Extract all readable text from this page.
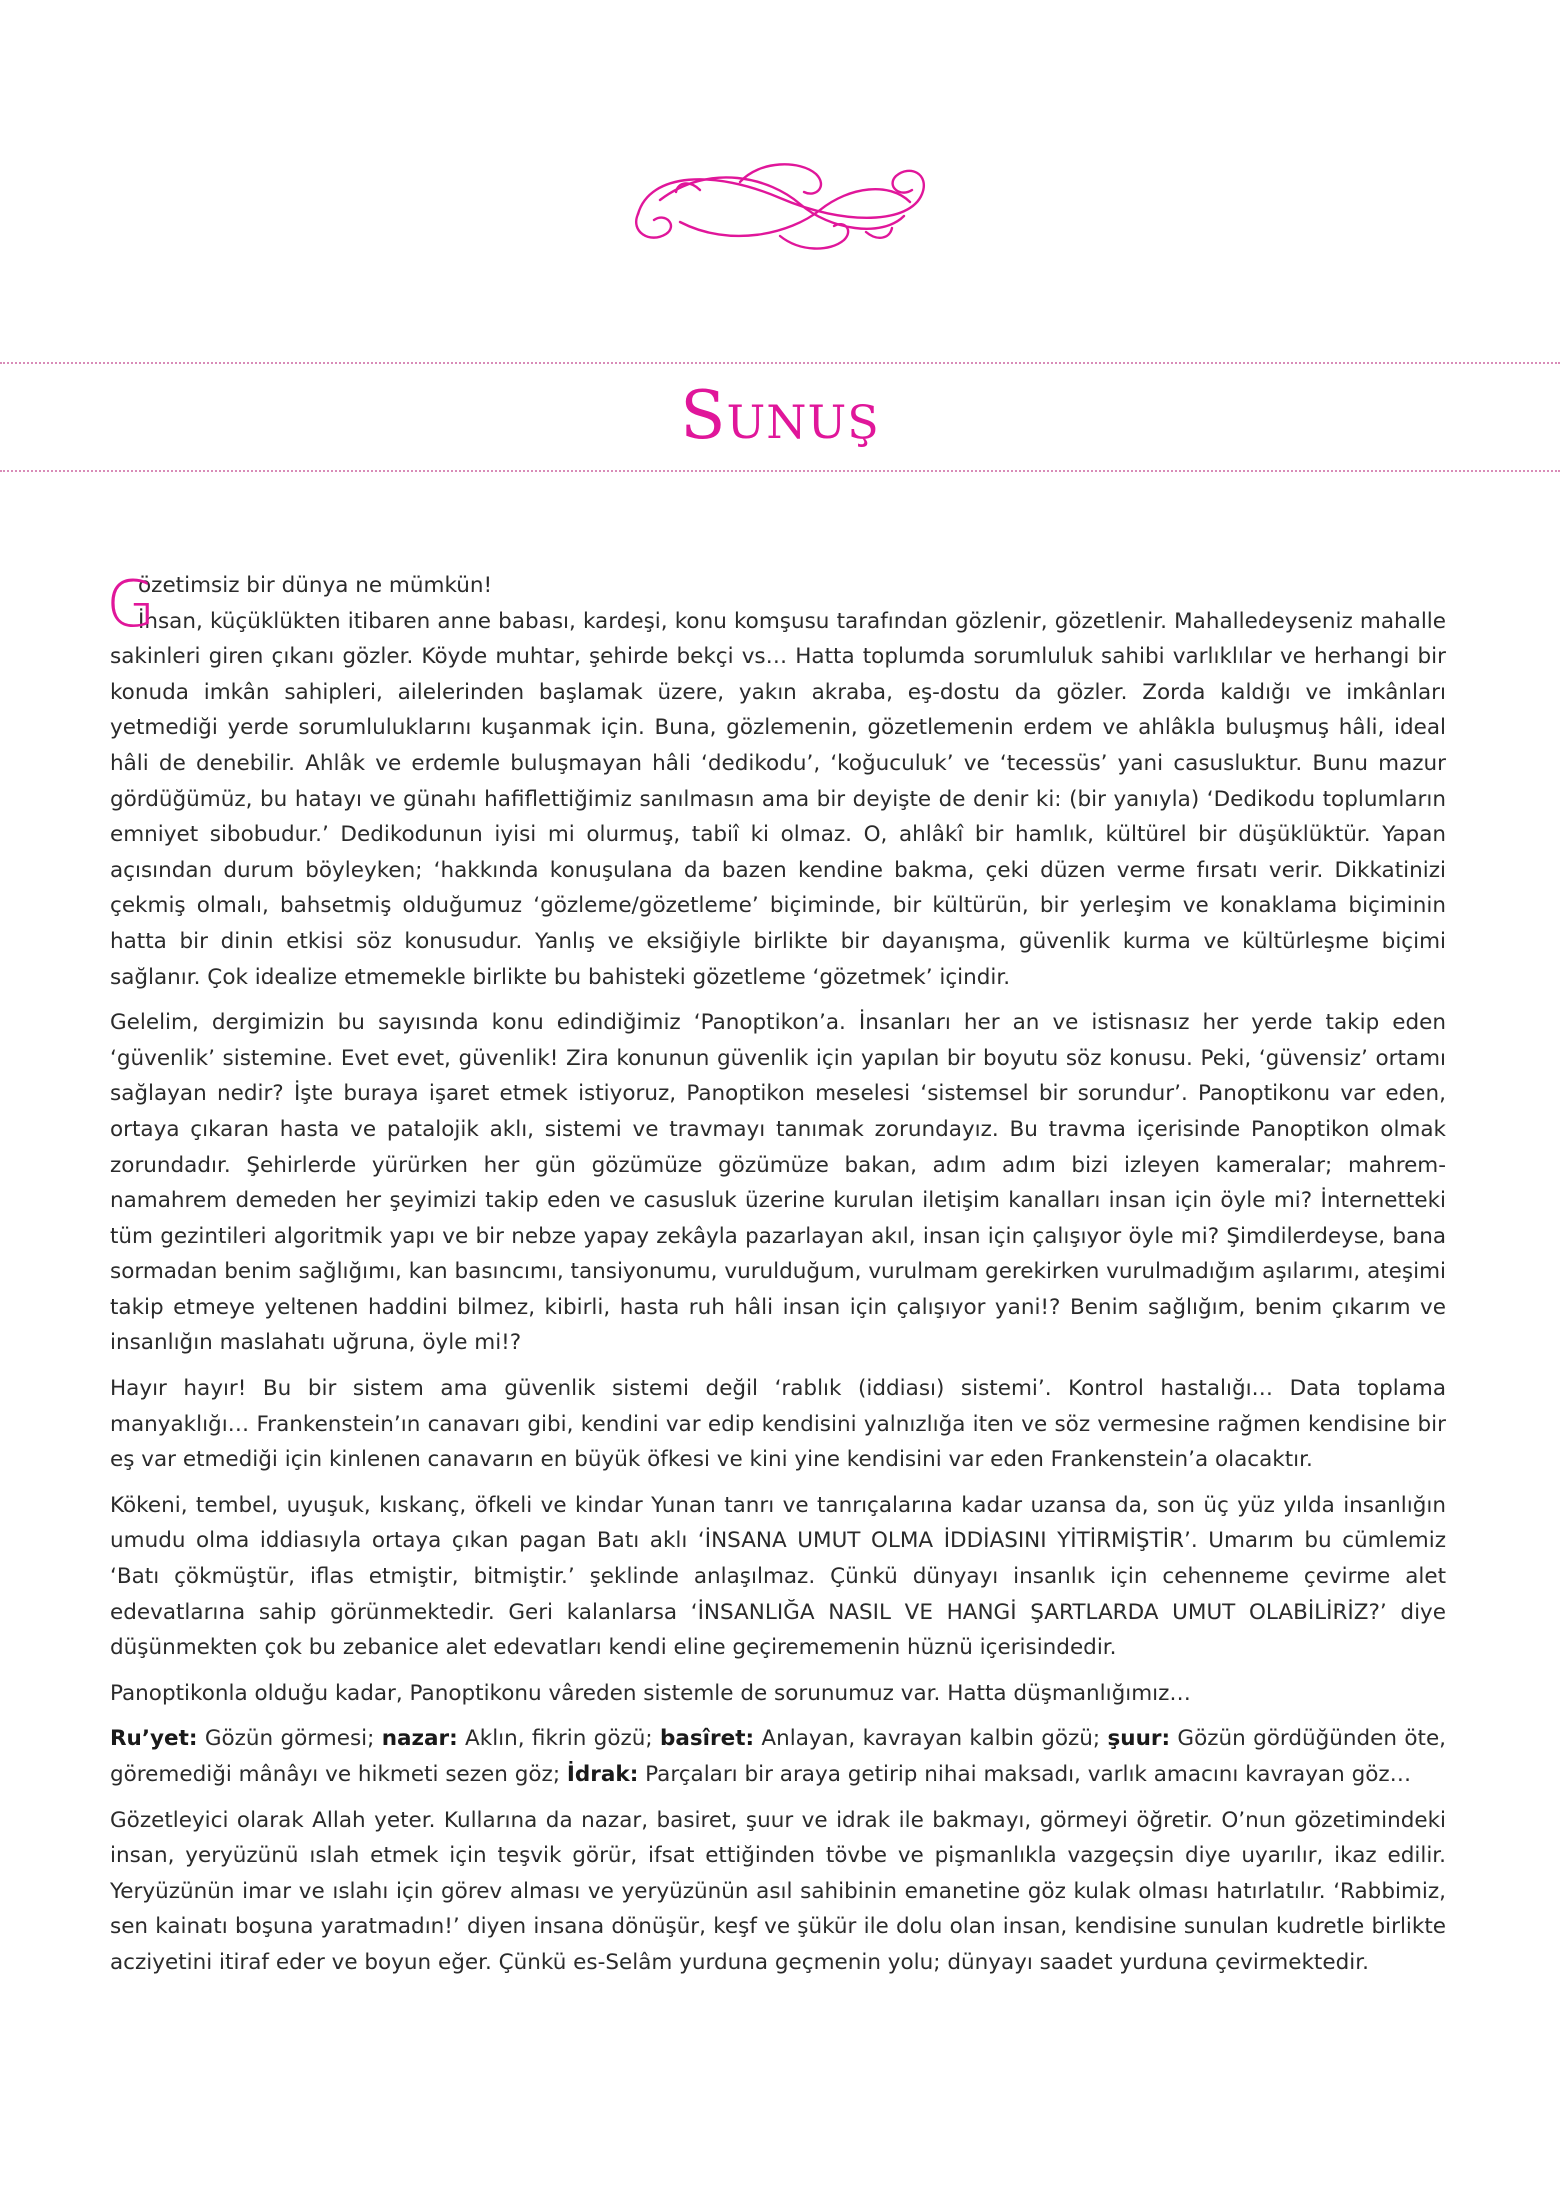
Sunuş

G
özetimsiz bir dünya ne mümkün!
İnsan, küçüklükten itibaren anne babası, kardeşi, konu komşusu tarafından gözlenir, gözetlenir. Mahalledeyseniz mahalle sakinleri giren çıkanı gözler. Köyde muhtar, şehirde bekçi vs… Hatta toplumda sorumluluk sahibi varlıklılar ve herhangi bir konuda imkân sahipleri, ailelerinden başlamak üzere, yakın akraba, eş-dostu da gözler. Zorda kaldığı ve imkânları yetmediği yerde sorumluluklarını kuşanmak için. Buna, gözlemenin, gözetlemenin erdem ve ahlâkla buluşmuş hâli, ideal hâli de denebilir. Ahlâk ve erdemle buluşmayan hâli ‘dedikodu’, ‘koğuculuk’ ve ‘tecessüs’ yani casusluktur. Bunu mazur gördüğümüz, bu hatayı ve günahı hafiflettiğimiz sanılmasın ama bir deyişte de denir ki: (bir yanıyla) ‘Dedikodu toplumların emniyet sibobudur.’ Dedikodunun iyisi mi olurmuş, tabiî ki olmaz. O, ahlâkî bir hamlık, kültürel bir düşüklüktür. Yapan açısından durum böyleyken; ‘hakkında konuşulana da bazen kendine bakma, çeki düzen verme fırsatı verir. Dikkatinizi çekmiş olmalı, bahsetmiş olduğumuz ‘gözleme/gözetleme’ biçiminde, bir kültürün, bir yerleşim ve konaklama biçiminin hatta bir dinin etkisi söz konusudur. Yanlış ve eksiğiyle birlikte bir dayanışma, güvenlik kurma ve kültürleşme biçimi sağlanır. Çok idealize etmemekle birlikte bu bahisteki gözetleme ‘gözetmek’ içindir.

Gelelim, dergimizin bu sayısında konu edindiğimiz ‘Panoptikon’a. İnsanları her an ve istisnasız her yerde takip eden ‘güvenlik’ sistemine. Evet evet, güvenlik! Zira konunun güvenlik için yapılan bir boyutu söz konusu. Peki, ‘güvensiz’ ortamı sağlayan nedir? İşte buraya işaret etmek istiyoruz, Panoptikon meselesi ‘sistemsel bir sorundur’. Panoptikonu var eden, ortaya çıkaran hasta ve patalojik aklı, sistemi ve travmayı tanımak zorundayız. Bu travma içerisinde Panoptikon olmak zorundadır. Şehirlerde yürürken her gün gözümüze gözümüze bakan, adım adım bizi izleyen kameralar; mahrem-namahrem demeden her şeyimizi takip eden ve casusluk üzerine kurulan iletişim kanalları insan için öyle mi? İnternetteki tüm gezintileri algoritmik yapı ve bir nebze yapay zekâyla pazarlayan akıl, insan için çalışıyor öyle mi? Şimdilerdeyse, bana sormadan benim sağlığımı, kan basıncımı, tansiyonumu, vurulduğum, vurulmam gerekirken vurulmadığım aşılarımı, ateşimi takip etmeye yeltenen haddini bilmez, kibirli, hasta ruh hâli insan için çalışıyor yani!? Benim sağlığım, benim çıkarım ve insanlığın maslahatı uğruna, öyle mi!?

Hayır hayır! Bu bir sistem ama güvenlik sistemi değil ‘rablık (iddiası) sistemi’. Kontrol hastalığı… Data toplama manyaklığı… Frankenstein’ın canavarı gibi, kendini var edip kendisini yalnızlığa iten ve söz vermesine rağmen kendisine bir eş var etmediği için kinlenen canavarın en büyük öfkesi ve kini yine kendisini var eden Frankenstein’a olacaktır.

Kökeni, tembel, uyuşuk, kıskanç, öfkeli ve kindar Yunan tanrı ve tanrıçalarına kadar uzansa da, son üç yüz yılda insanlığın umudu olma iddiasıyla ortaya çıkan pagan Batı aklı ‘İNSANA UMUT OLMA İDDİASINI YİTİRMİŞTİR’. Umarım bu cümlemiz ‘Batı çökmüştür, iflas etmiştir, bitmiştir.’ şeklinde anlaşılmaz. Çünkü dünyayı insanlık için cehenneme çevirme alet edevatlarına sahip görünmektedir. Geri kalanlarsa ‘İNSANLIĞA NASIL VE HANGİ ŞARTLARDA UMUT OLABİLİRİZ?’ diye düşünmekten çok bu zebanice alet edevatları kendi eline geçirememenin hüznü içerisindedir.

Panoptikonla olduğu kadar, Panoptikonu vâreden sistemle de sorunumuz var. Hatta düşmanlığımız…

Ru’yet: Gözün görmesi; nazar: Aklın, fikrin gözü; basîret: Anlayan, kavrayan kalbin gözü; şuur: Gözün gördüğünden öte, göremediği mânâyı ve hikmeti sezen göz; İdrak: Parçaları bir araya getirip nihai maksadı, varlık amacını kavrayan göz…

Gözetleyici olarak Allah yeter. Kullarına da nazar, basiret, şuur ve idrak ile bakmayı, görmeyi öğretir. O’nun gözetimindeki insan, yeryüzünü ıslah etmek için teşvik görür, ifsat ettiğinden tövbe ve pişmanlıkla vazgeçsin diye uyarılır, ikaz edilir. Yeryüzünün imar ve ıslahı için görev alması ve yeryüzünün asıl sahibinin emanetine göz kulak olması hatırlatılır. ‘Rabbimiz, sen kainatı boşuna yaratmadın!’ diyen insana dönüşür, keşf ve şükür ile dolu olan insan, kendisine sunulan kudretle birlikte acziyetini itiraf eder ve boyun eğer. Çünkü es-Selâm yurduna geçmenin yolu; dünyayı saadet yurduna çevirmektedir.
